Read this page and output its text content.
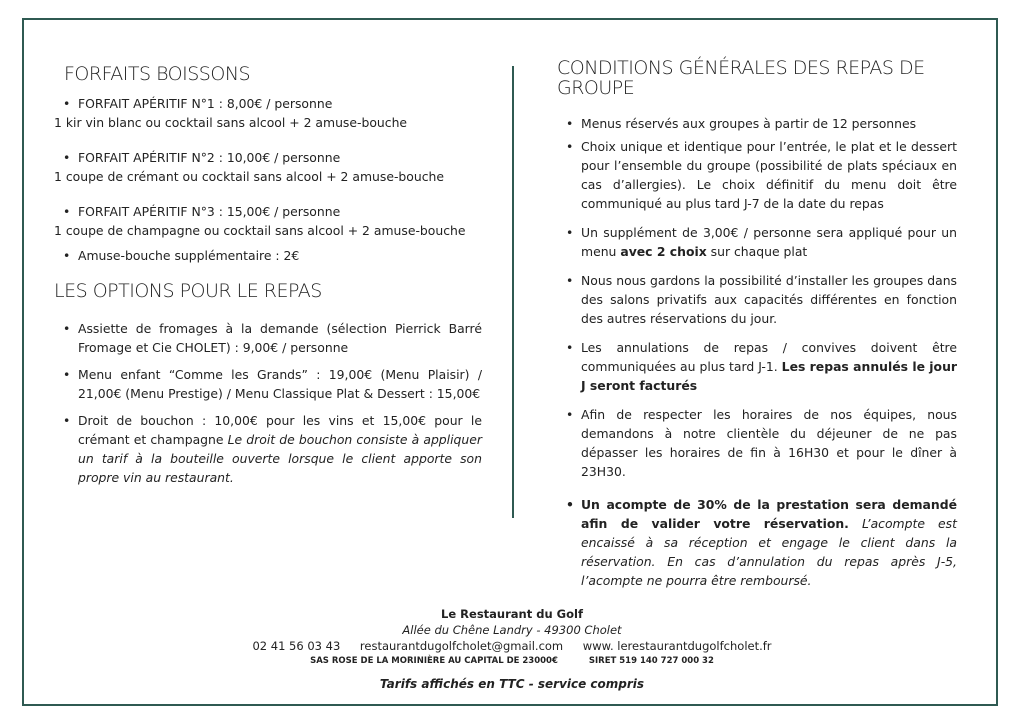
FORFAITS BOISSONS
• FORFAIT APÉRITIF N°1 : 8,00€ / personne
1 kir vin blanc ou cocktail sans alcool + 2 amuse-bouche
• FORFAIT APÉRITIF N°2 : 10,00€ / personne
1 coupe de crémant ou cocktail sans alcool + 2 amuse-bouche
• FORFAIT APÉRITIF N°3 : 15,00€ / personne
1 coupe de champagne ou cocktail sans alcool + 2 amuse-bouche
• Amuse-bouche supplémentaire : 2€
LES OPTIONS POUR LE REPAS
• Assiette de fromages à la demande (sélection Pierrick Barré Fromage et Cie CHOLET) : 9,00€ / personne
• Menu enfant “Comme les Grands” : 19,00€ (Menu Plaisir) / 21,00€ (Menu Prestige) / Menu Classique Plat & Dessert : 15,00€
• Droit de bouchon : 10,00€ pour les vins et 15,00€ pour le crémant et champagne Le droit de bouchon consiste à appliquer un tarif à la bouteille ouverte lorsque le client apporte son propre vin au restaurant.
CONDITIONS GÉNÉRALES DES REPAS DE GROUPE
• Menus réservés aux groupes à partir de 12 personnes
• Choix unique et identique pour l’entrée, le plat et le dessert pour l’ensemble du groupe (possibilité de plats spéciaux en cas d’allergies). Le choix définitif du menu doit être communiqué au plus tard J-7 de la date du repas
• Un supplément de 3,00€ / personne sera appliqué pour un menu avec 2 choix sur chaque plat
• Nous nous gardons la possibilité d’installer les groupes dans des salons privatifs aux capacités différentes en fonction des autres réservations du jour.
• Les annulations de repas / convives doivent être communiquées au plus tard J-1. Les repas annulés le jour J seront facturés
• Afin de respecter les horaires de nos équipes, nous demandons à notre clientèle du déjeuner de ne pas dépasser les horaires de fin à 16H30 et pour le dîner à 23H30.
• Un acompte de 30% de la prestation sera demandé afin de valider votre réservation. L’acompte est encaissé à sa réception et engage le client dans la réservation. En cas d’annulation du repas après J-5, l’acompte ne pourra être remboursé.
Le Restaurant du Golf
Allée du Chêne Landry - 49300 Cholet
02 41 56 03 43 restaurantdugolfcholet@gmail.com www. lerestaurantdugolfcholet.fr
SAS ROSE DE LA MORINIÈRE AU CAPITAL DE 23000€	SIRET 519 140 727 000 32
Tarifs affichés en TTC - service compris
